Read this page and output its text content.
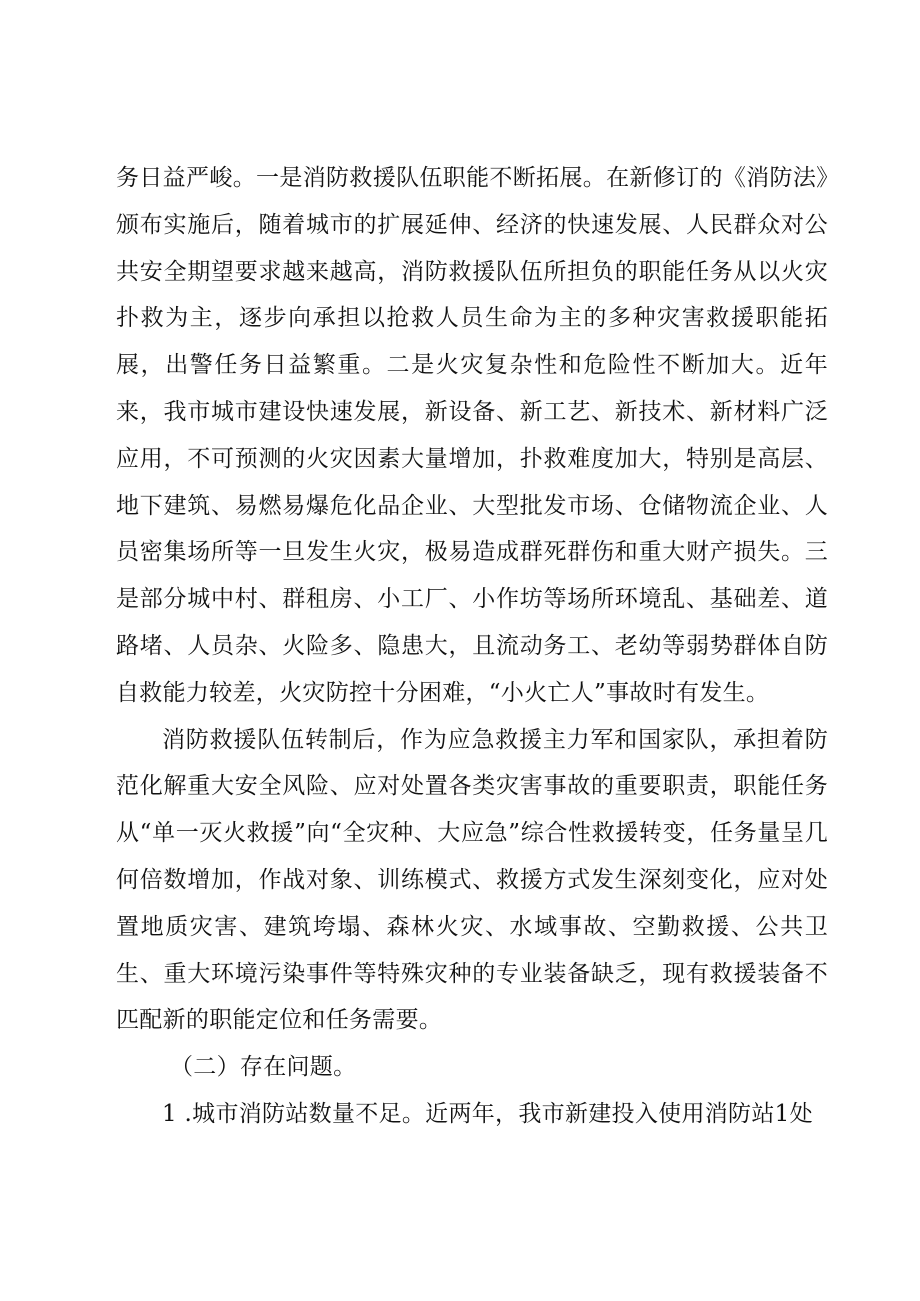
务日益严峻。一是消防救援队伍职能不断拓展。在新修订的《消防法》颁布实施后，随着城市的扩展延伸、经济的快速发展、人民群众对公共安全期望要求越来越高，消防救援队伍所担负的职能任务从以火灾扑救为主，逐步向承担以抢救人员生命为主的多种灾害救援职能拓展，出警任务日益繁重。二是火灾复杂性和危险性不断加大。近年来，我市城市建设快速发展，新设备、新工艺、新技术、新材料广泛应用，不可预测的火灾因素大量增加，扑救难度加大，特别是高层、地下建筑、易燃易爆危化品企业、大型批发市场、仓储物流企业、人员密集场所等一旦发生火灾，极易造成群死群伤和重大财产损失。三是部分城中村、群租房、小工厂、小作坊等场所环境乱、基础差、道路堵、人员杂、火险多、隐患大，且流动务工、老幼等弱势群体自防自救能力较差，火灾防控十分困难，“小火亡人”事故时有发生。

消防救援队伍转制后，作为应急救援主力军和国家队，承担着防范化解重大安全风险、应对处置各类灾害事故的重要职责，职能任务从“单一灭火救援”向“全灾种、大应急”综合性救援转变，任务量呈几何倍数增加，作战对象、训练模式、救援方式发生深刻变化，应对处置地质灾害、建筑垮塌、森林火灾、水域事故、空勤救援、公共卫生、重大环境污染事件等特殊灾种的专业装备缺乏，现有救援装备不匹配新的职能定位和任务需要。

（二）存在问题。

1 .城市消防站数量不足。近两年，我市新建投入使用消防站1处
